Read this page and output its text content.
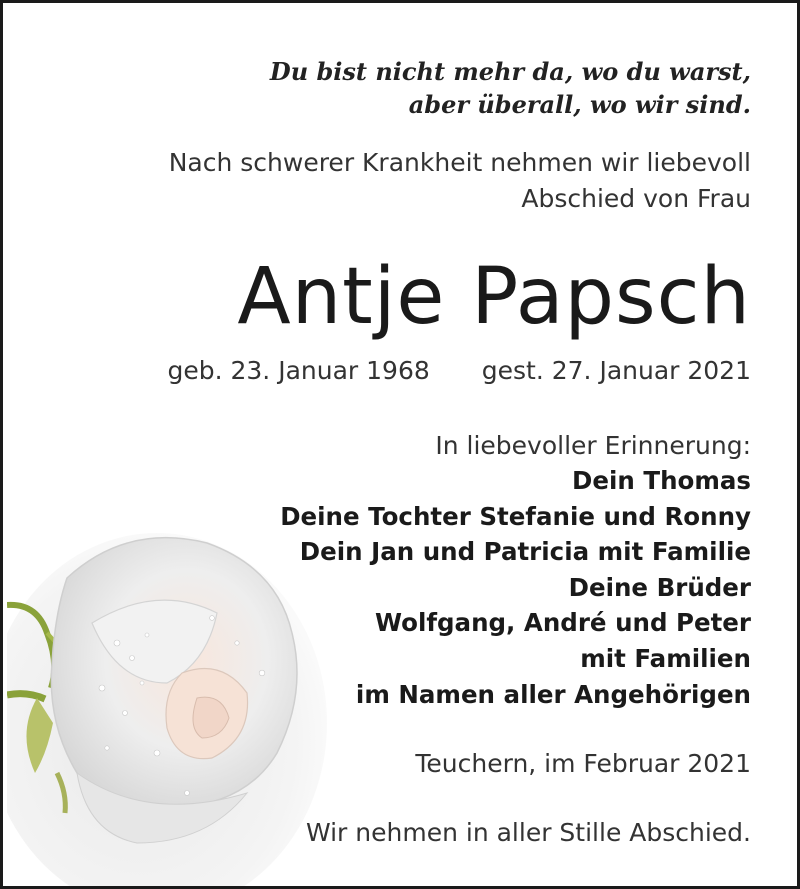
Du bist nicht mehr da, wo du warst,
aber überall, wo wir sind.
Nach schwerer Krankheit nehmen wir liebevoll
Abschied von Frau
Antje Papsch
geb. 23. Januar 1968 gest. 27. Januar 2021
In liebevoller Erinnerung:
Dein Thomas
Deine Tochter Stefanie und Ronny
Dein Jan und Patricia mit Familie
Deine Brüder
Wolfgang, André und Peter
mit Familien
im Namen aller Angehörigen
Teuchern, im Februar 2021
Wir nehmen in aller Stille Abschied.
